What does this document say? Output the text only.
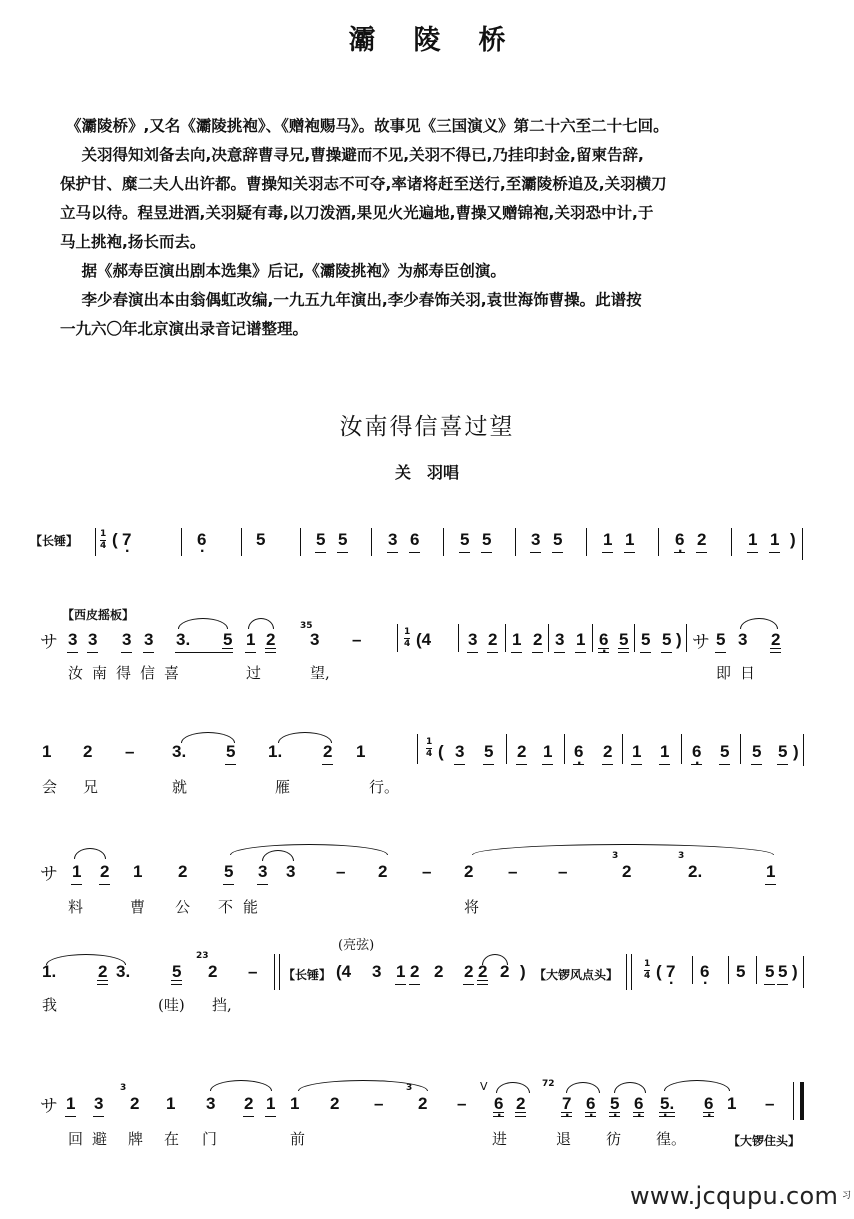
灞陵桥

《灞陵桥》,又名《灞陵挑袍》、《赠袍赐马》。故事见《三国演义》第二十六至二十七回。

　关羽得知刘备去向,决意辞曹寻兄,曹操避而不见,关羽不得已,乃挂印封金,留柬告辞,

保护甘、糜二夫人出许都。曹操知关羽志不可夺,率诸将赶至送行,至灞陵桥追及,关羽横刀

立马以待。程昱进酒,关羽疑有毒,以刀泼酒,果见火光遍地,曹操又赠锦袍,关羽恐中计,于

马上挑袍,扬长而去。

　据《郝寿臣演出剧本选集》后记,《灞陵挑袍》为郝寿臣创演。

　李少春演出本由翁偶虹改编,一九五九年演出,李少春饰关羽,袁世海饰曹操。此谱按

一九六〇年北京演出录音记谱整理。

汝南得信喜过望
关　羽唱
【长锤】 1
4 ( · 7	· 6	5	5 5 3 6 5 5 3 5 1 1 · 6 2 1 1 )
【西皮摇板】
サ 3 3 3 3 3.	5 1 2
35
3 –	1
4 (4 3 2 1 2 3 1 · 6 5 5 5 ) サ 5 3 2
汝 南 得 信 喜	过	望,	即 日
1 2 – 3. 5 1. 2 1	1
4 ( 3 5 2 1 · 6 2 1 1 · 6 5 5 5 )
会 兄	就	雁	行。
サ 1 2 1 2 5 3 3 – 2 – 2 – –
3
2
3
2.	1
料	曹 公 不 能	将
(亮弦)
1. 2 3. 5
23
2 – 【长锤】 (4 3 1 2 2 2 2 2 ) 【大锣风点头】
1
4 ( · 7 · 6 5 5 5 )
我	(哇) 挡,
サ 1 3
3
2 1 3 2 1 1 2 –
3
2 –
V
· 6 2
72
· 7 · 6 · 5 · 6 · 5. · 6 1 –
回 避 牌 在 门	前	进	退 彷 徨。	【大锣住头】
www.jcqupu.com 习
